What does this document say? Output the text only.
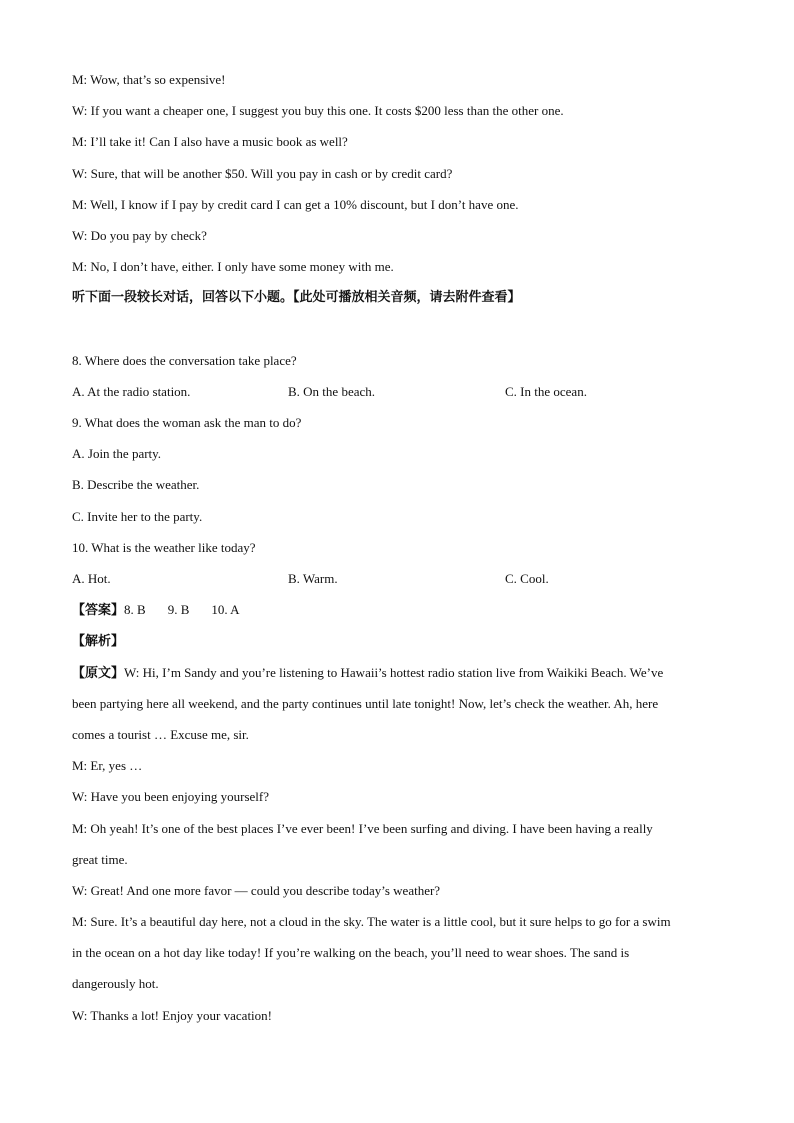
M: Wow, that’s so expensive!
W: If you want a cheaper one, I suggest you buy this one. It costs $200 less than the other one.
M: I’ll take it! Can I also have a music book as well?
W: Sure, that will be another $50. Will you pay in cash or by credit card?
M: Well, I know if I pay by credit card I can get a 10% discount, but I don’t have one.
W: Do you pay by check?
M: No, I don’t have, either. I only have some money with me.
听下面一段较长对话，回答以下小题。【此处可播放相关音频，请去附件查看】
8. Where does the conversation take place?
A. At the radio station.	B. On the beach.	C. In the ocean.
9. What does the woman ask the man to do?
A. Join the party.
B. Describe the weather.
C. Invite her to the party.
10. What is the weather like today?
A. Hot.	B. Warm.	C. Cool.
【答案】8. B 9. B 10. A
【解析】
【原文】W: Hi, I’m Sandy and you’re listening to Hawaii’s hottest radio station live from Waikiki Beach. We’ve
been partying here all weekend, and the party continues until late tonight! Now, let’s check the weather. Ah, here
comes a tourist … Excuse me, sir.
M: Er, yes …
W: Have you been enjoying yourself?
M: Oh yeah! It’s one of the best places I’ve ever been! I’ve been surfing and diving. I have been having a really
great time.
W: Great! And one more favor — could you describe today’s weather?
M: Sure. It’s a beautiful day here, not a cloud in the sky. The water is a little cool, but it sure helps to go for a swim
in the ocean on a hot day like today! If you’re walking on the beach, you’ll need to wear shoes. The sand is
dangerously hot.
W: Thanks a lot! Enjoy your vacation!
